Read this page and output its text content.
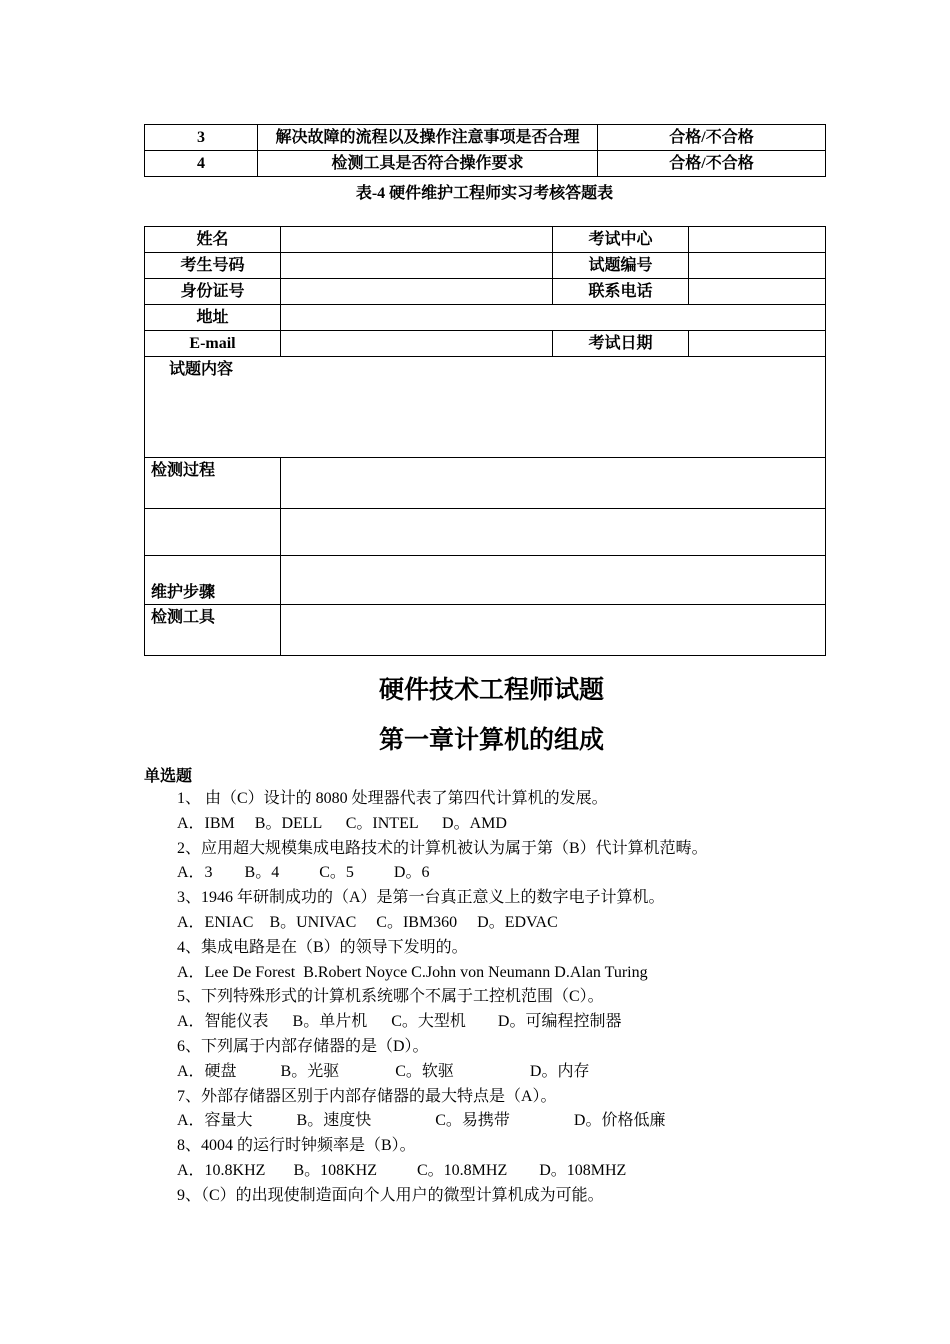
3	解决故障的流程以及操作注意事项是否合理	合格/不合格
4	检测工具是否符合操作要求	合格/不合格
表-4 硬件维护工程师实习考核答题表
姓名		考试中心	
考生号码		试题编号	
身份证号		联系电话	
地址			
E-mail		考试日期	
试题内容			
检测过程			

维护步骤			
检测工具			
硬件技术工程师试题
第一章计算机的组成
单选题
1、 由（C）设计的 8080 处理器代表了第四代计算机的发展。
A．IBM     B。DELL      C。INTEL      D。AMD
2、应用超大规模集成电路技术的计算机被认为属于第（B）代计算机范畴。
A．3        B。4          C。5          D。6
3、1946 年研制成功的（A）是第一台真正意义上的数字电子计算机。
A．ENIAC    B。UNIVAC     C。IBM360     D。EDVAC
4、集成电路是在（B）的领导下发明的。
A．Lee De Forest  B.Robert Noyce C.John von Neumann D.Alan Turing
5、下列特殊形式的计算机系统哪个不属于工控机范围（C）。
A．智能仪表      B。单片机      C。大型机        D。可编程控制器
6、下列属于内部存储器的是（D）。
A．硬盘           B。光驱              C。软驱                   D。内存
7、外部存储器区别于内部存储器的最大特点是（A）。
A．容量大           B。速度快                C。易携带                D。价格低廉
8、4004 的运行时钟频率是（B）。
A．10.8KHZ       B。108KHZ          C。10.8MHZ        D。108MHZ
9、（C）的出现使制造面向个人用户的微型计算机成为可能。
